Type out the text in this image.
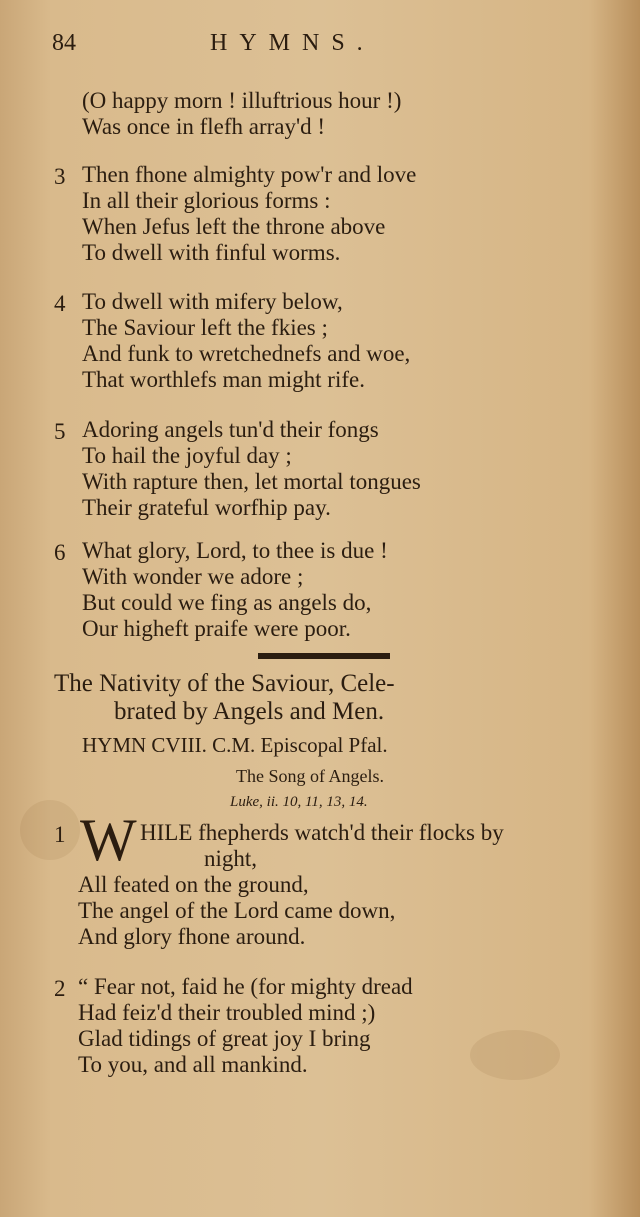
84	HYMNS.
(O happy morn ! illuftrious hour !)
Was once in flefh array'd !
3 Then fhone almighty pow'r and love
In all their glorious forms :
When Jefus left the throne above
To dwell with finful worms.
4 To dwell with mifery below,
The Saviour left the fkies ;
And funk to wretchednefs and woe,
That worthlefs man might rife.
5 Adoring angels tun'd their fongs
To hail the joyful day ;
With rapture then, let mortal tongues
Their grateful worfhip pay.
6 What glory, Lord, to thee is due !
With wonder we adore ;
But could we fing as angels do,
Our higheft praife were poor.
The Nativity of the Saviour, Cele-
brated by Angels and Men.
HYMN CVIII. C.M. Episcopal Pfal.
The Song of Angels.
Luke, ii. 10, 11, 13, 14.
1 W HILE fhepherds watch'd their flocks by
night,
All feated on the ground,
The angel of the Lord came down,
And glory fhone around.
2 “ Fear not, faid he (for mighty dread
Had feiz'd their troubled mind ;)
Glad tidings of great joy I bring
To you, and all mankind.
